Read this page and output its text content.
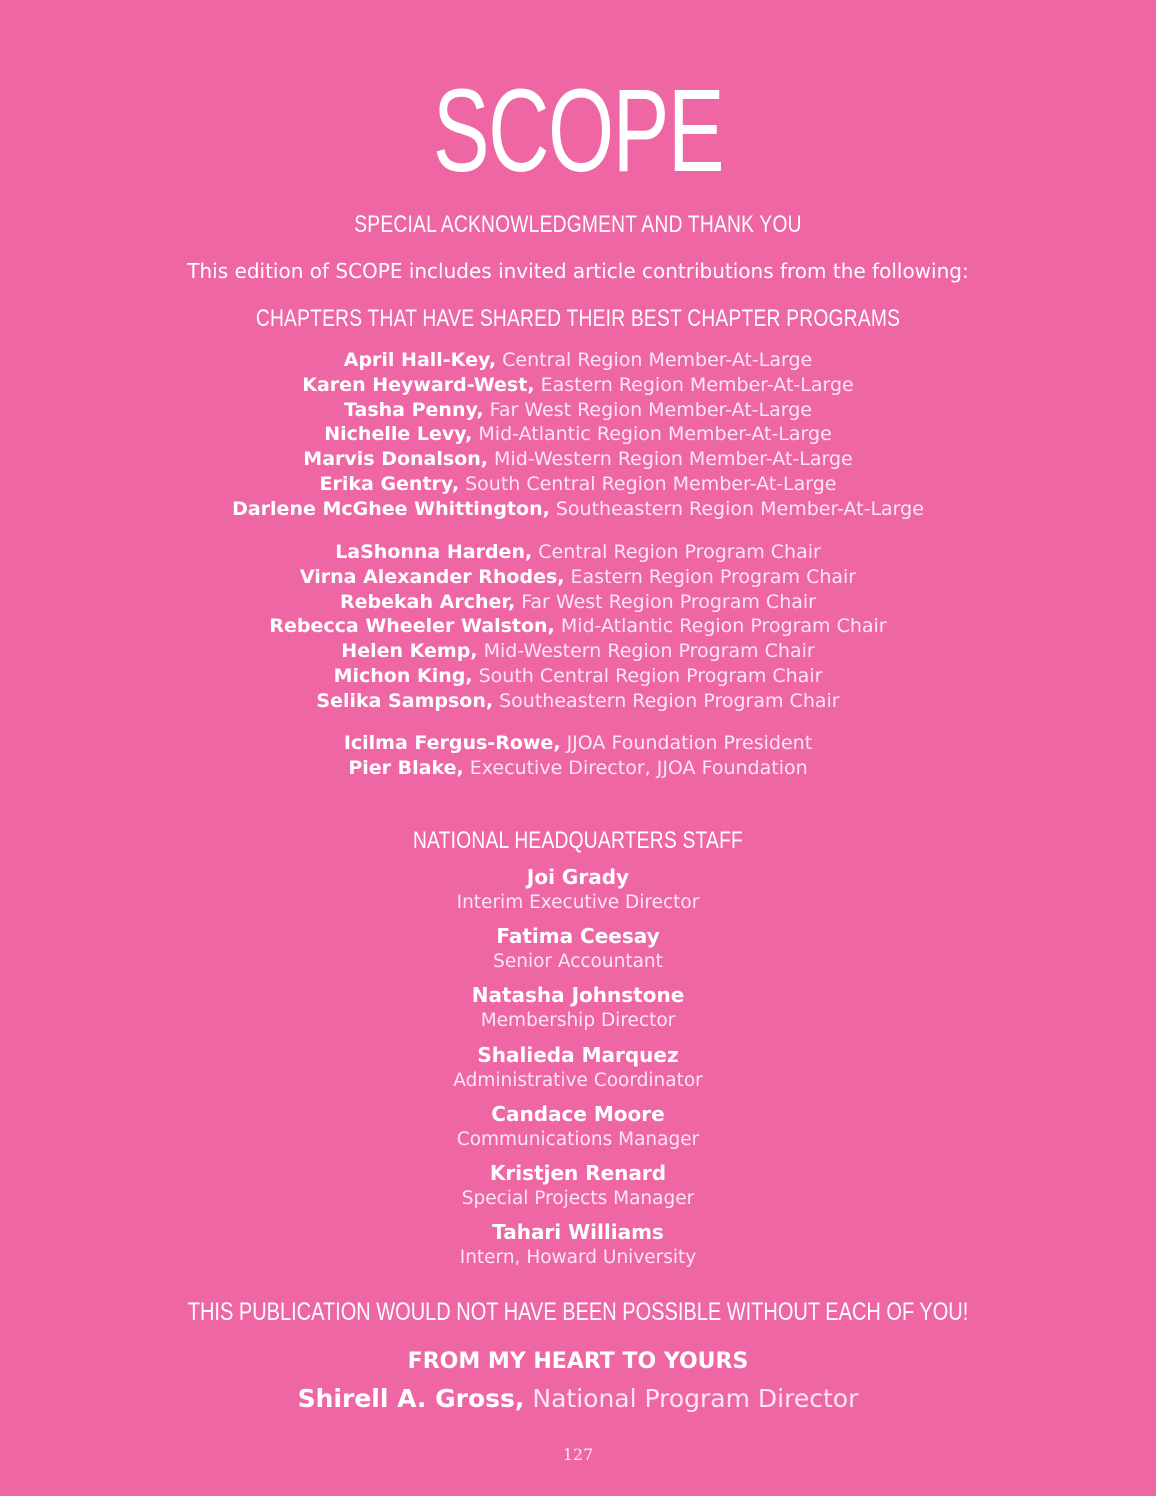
SCOPE
SPECIAL ACKNOWLEDGMENT AND THANK YOU
This edition of SCOPE includes invited article contributions from the following:
CHAPTERS THAT HAVE SHARED THEIR BEST CHAPTER PROGRAMS
April Hall-Key, Central Region Member-At-Large
Karen Heyward-West, Eastern Region Member-At-Large
Tasha Penny, Far West Region Member-At-Large
Nichelle Levy, Mid-Atlantic Region Member-At-Large
Marvis Donalson, Mid-Western Region Member-At-Large
Erika Gentry, South Central Region Member-At-Large
Darlene McGhee Whittington, Southeastern Region Member-At-Large
LaShonna Harden, Central Region Program Chair
Virna Alexander Rhodes, Eastern Region Program Chair
Rebekah Archer, Far West Region Program Chair
Rebecca Wheeler Walston, Mid-Atlantic Region Program Chair
Helen Kemp, Mid-Western Region Program Chair
Michon King, South Central Region Program Chair
Selika Sampson, Southeastern Region Program Chair
Icilma Fergus-Rowe, JJOA Foundation President
Pier Blake, Executive Director, JJOA Foundation
NATIONAL HEADQUARTERS STAFF
Joi Grady
Interim Executive Director
Fatima Ceesay
Senior Accountant
Natasha Johnstone
Membership Director
Shalieda Marquez
Administrative Coordinator
Candace Moore
Communications Manager
Kristjen Renard
Special Projects Manager
Tahari Williams
Intern, Howard University
THIS PUBLICATION WOULD NOT HAVE BEEN POSSIBLE WITHOUT EACH OF YOU!
FROM MY HEART TO YOURS
Shirell A. Gross, National Program Director
127
